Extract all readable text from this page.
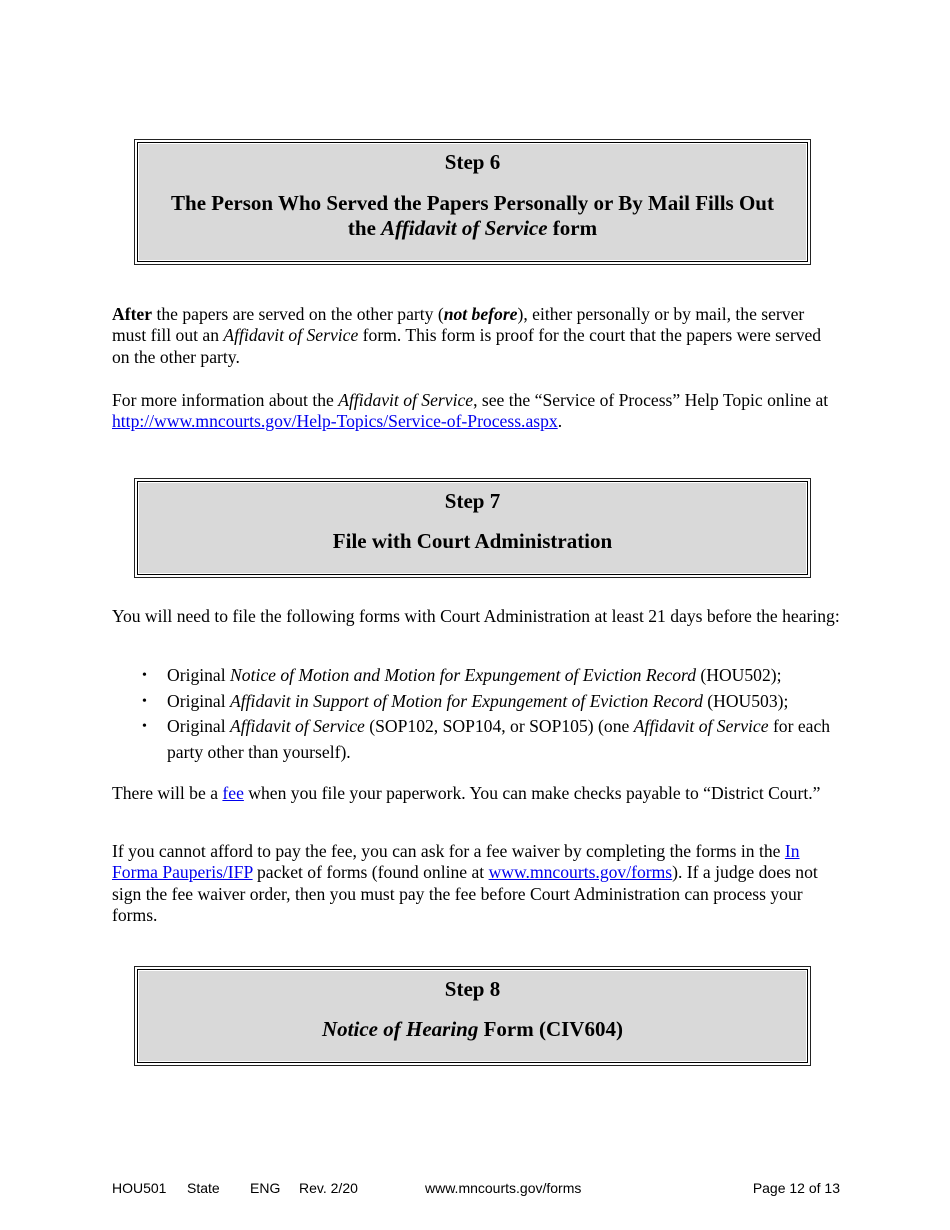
Step 6
The Person Who Served the Papers Personally or By Mail Fills Out
the Affidavit of Service form
After the papers are served on the other party (not before), either personally or by mail, the server must fill out an Affidavit of Service form. This form is proof for the court that the papers were served on the other party.
For more information about the Affidavit of Service, see the “Service of Process” Help Topic online at http://www.mncourts.gov/Help-Topics/Service-of-Process.aspx.
Step 7
File with Court Administration
You will need to file the following forms with Court Administration at least 21 days before the hearing:
• Original Notice of Motion and Motion for Expungement of Eviction Record (HOU502);
• Original Affidavit in Support of Motion for Expungement of Eviction Record (HOU503);
• Original Affidavit of Service (SOP102, SOP104, or SOP105) (one Affidavit of Service for each party other than yourself).
There will be a fee when you file your paperwork. You can make checks payable to “District Court.”
If you cannot afford to pay the fee, you can ask for a fee waiver by completing the forms in the In Forma Pauperis/IFP packet of forms (found online at www.mncourts.gov/forms). If a judge does not sign the fee waiver order, then you must pay the fee before Court Administration can process your forms.
Step 8
Notice of Hearing Form (CIV604)
HOU501 State ENG Rev. 2/20	www.mncourts.gov/forms	Page 12 of 13
